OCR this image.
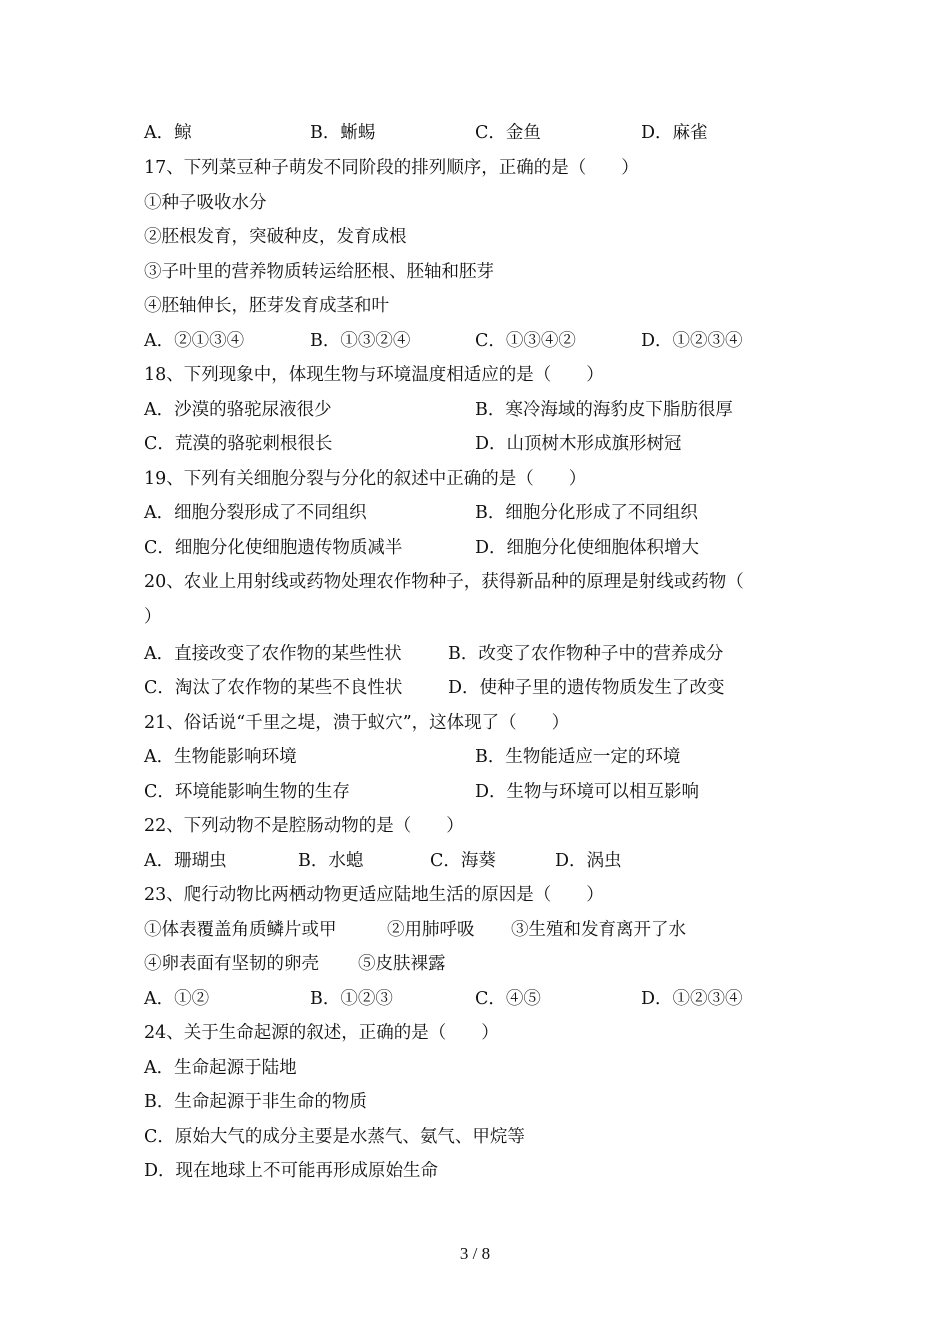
A．鲸	B．蜥蜴	C．金鱼	D．麻雀
17、下列菜豆种子萌发不同阶段的排列顺序，正确的是（　　）
①种子吸收水分
②胚根发育，突破种皮，发育成根
③子叶里的营养物质转运给胚根、胚轴和胚芽
④胚轴伸长，胚芽发育成茎和叶
A．②①③④	B．①③②④	C．①③④②	D．①②③④
18、下列现象中，体现生物与环境温度相适应的是（　　）
A．沙漠的骆驼尿液很少	B．寒冷海域的海豹皮下脂肪很厚
C．荒漠的骆驼刺根很长	D．山顶树木形成旗形树冠
19、下列有关细胞分裂与分化的叙述中正确的是（　　）
A．细胞分裂形成了不同组织	B．细胞分化形成了不同组织
C．细胞分化使细胞遗传物质减半	D．细胞分化使细胞体积增大
20、农业上用射线或药物处理农作物种子，获得新品种的原理是射线或药物（
）
A．直接改变了农作物的某些性状	B．改变了农作物种子中的营养成分
C．淘汰了农作物的某些不良性状	D．使种子里的遗传物质发生了改变
21、俗话说“千里之堤，溃于蚁穴”，这体现了（　　）
A．生物能影响环境	B．生物能适应一定的环境
C．环境能影响生物的生存	D．生物与环境可以相互影响
22、下列动物不是腔肠动物的是（　　）
A．珊瑚虫	B．水螅	C．海葵	D．涡虫
23、爬行动物比两栖动物更适应陆地生活的原因是（　　）
①体表覆盖角质鳞片或甲	②用肺呼吸 ③生殖和发育离开了水
④卵表面有坚韧的卵壳 ⑤皮肤裸露
A．①②	B．①②③	C．④⑤	D．①②③④
24、关于生命起源的叙述，正确的是（　　）
A．生命起源于陆地
B．生命起源于非生命的物质
C．原始大气的成分主要是水蒸气、氨气、甲烷等
D．现在地球上不可能再形成原始生命
3 / 8
